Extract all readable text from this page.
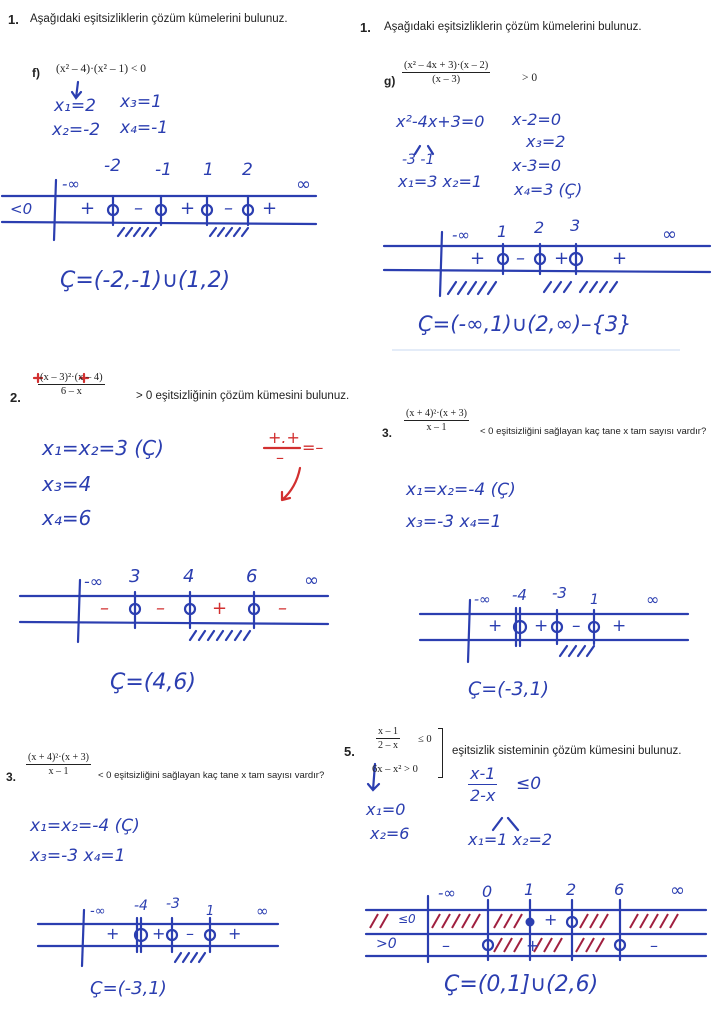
1. Aşağıdaki eşitsizliklerin çözüm kümelerini bulunuz.
f) (x² – 4)·(x² – 1) < 0
x₁=2 x₃=1
x₂=-2 x₄=-1
-∞
-2 -1 1 2
∞
<0	+ – + – +
Ç=(-2,-1)∪(1,2)
1. Aşağıdaki eşitsizliklerin çözüm kümelerini bulunuz.
$g) \frac{\text{(x² – 4x + 3)·(x – 2)}}{(x - 3)}$	> 0
x²-4x+3=0
-3 -1
x₁=3 x₂=1
x-2=0
x₃=2
x-3=0
x₄=3 (Ç)
-∞ 1 2 3	∞
+ – + +
Ç=(-∞,1)∪(2,∞)–{3}
2.
$\frac{\text{(x – 3)²·(x – 4)}}{6 - x}$	> 0 eşitsizliğinin çözüm kümesini bulunuz.
x₁=x₂=3 (Ç)
x₃=4
x₄=6
+.+
–
=–
-∞ 3 4	6	∞
–	–	+	–
Ç=(4,6)
3. $\frac{\text{(x + 4)²·(x + 3)}}{x - 1} < 0$ eşitsizliğini sağlayan kaç tane x tam sayısı vardır?
x₁=x₂=-4 (Ç)
x₃=-3 x₄=1
-∞ -4 -3 1	∞
+ + – +
Ç=(-3,1)
3. $\frac{\text{(x + 4)²·(x + 3)}}{x - 1} < 0$ eşitsizliğini sağlayan kaç tane x tam sayısı vardır?
x₁=x₂=-4 (Ç)
x₃=-3 x₄=1
-∞ -4 -3 1	∞
+ + – +
Ç=(-3,1)
5.
$\frac{x - 1}{2 - x} \le 0$
6x – x² > 0
eşitsizlik sisteminin çözüm kümesini bulunuz.
x₁=0
x₂=6
$\frac{x-1}{2-x} \le 0$
x₁=1 x₂=2
-∞ 0 1 2 6	∞
≤0
>0
+
–	+	–
Ç=(0,1]∪(2,6)
